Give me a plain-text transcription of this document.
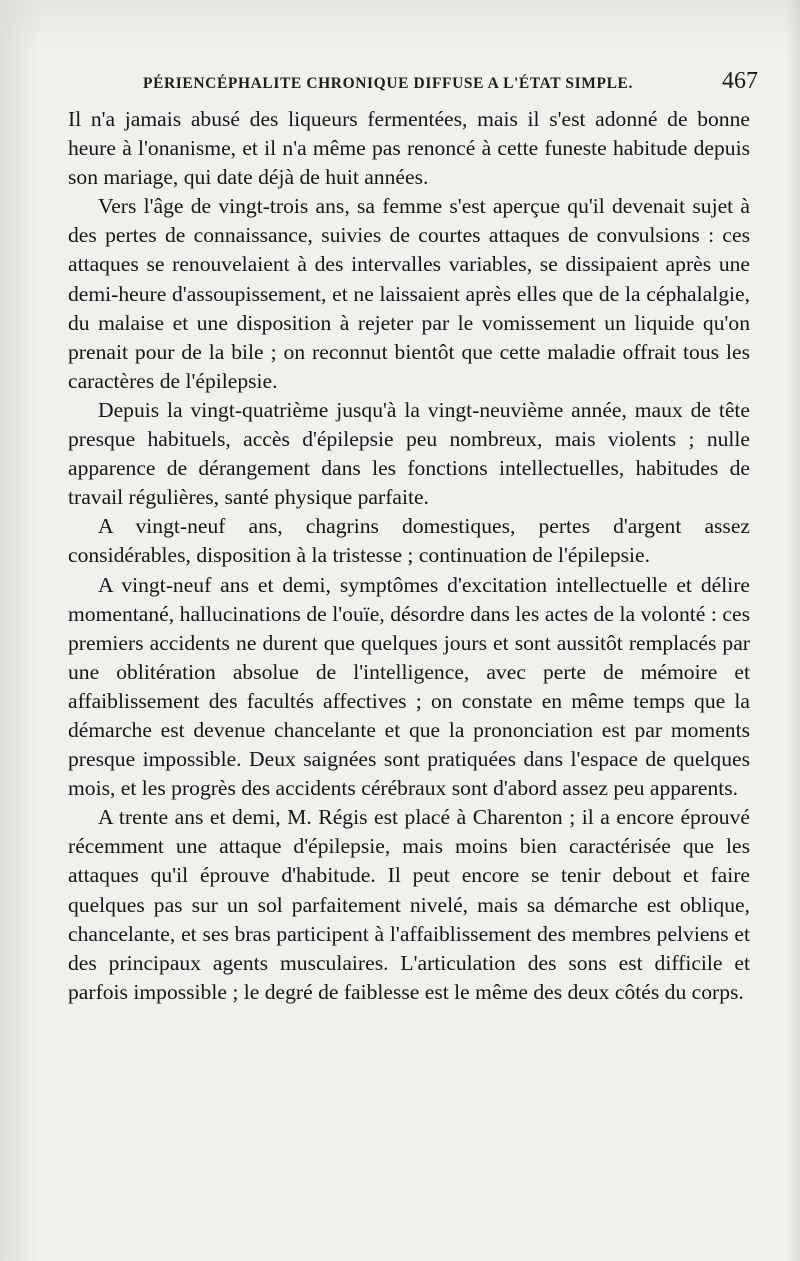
PÉRIENCÉPHALITE CHRONIQUE DIFFUSE A L'ÉTAT SIMPLE.	467

Il n'a jamais abusé des liqueurs fermentées, mais il s'est adonné de bonne heure à l'onanisme, et il n'a même pas renoncé à cette funeste habitude depuis son mariage, qui date déjà de huit années.

Vers l'âge de vingt-trois ans, sa femme s'est aperçue qu'il devenait sujet à des pertes de connaissance, suivies de courtes attaques de convulsions : ces attaques se renouvelaient à des intervalles variables, se dissipaient après une demi-heure d'assoupissement, et ne laissaient après elles que de la céphalalgie, du malaise et une disposition à rejeter par le vomissement un liquide qu'on prenait pour de la bile ; on reconnut bientôt que cette maladie offrait tous les caractères de l'épilepsie.

Depuis la vingt-quatrième jusqu'à la vingt-neuvième année, maux de tête presque habituels, accès d'épilepsie peu nombreux, mais violents ; nulle apparence de dérangement dans les fonctions intellectuelles, habitudes de travail régulières, santé physique parfaite.

A vingt-neuf ans, chagrins domestiques, pertes d'argent assez considérables, disposition à la tristesse ; continuation de l'épilepsie.

A vingt-neuf ans et demi, symptômes d'excitation intellectuelle et délire momentané, hallucinations de l'ouïe, désordre dans les actes de la volonté : ces premiers accidents ne durent que quelques jours et sont aussitôt remplacés par une oblitération absolue de l'intelligence, avec perte de mémoire et affaiblissement des facultés affectives ; on constate en même temps que la démarche est devenue chancelante et que la prononciation est par moments presque impossible. Deux saignées sont pratiquées dans l'espace de quelques mois, et les progrès des accidents cérébraux sont d'abord assez peu apparents.

A trente ans et demi, M. Régis est placé à Charenton ; il a encore éprouvé récemment une attaque d'épilepsie, mais moins bien caractérisée que les attaques qu'il éprouve d'habitude. Il peut encore se tenir debout et faire quelques pas sur un sol parfaitement nivelé, mais sa démarche est oblique, chancelante, et ses bras participent à l'affaiblissement des membres pelviens et des principaux agents musculaires. L'articulation des sons est difficile et parfois impossible ; le degré de faiblesse est le même des deux côtés du corps.
